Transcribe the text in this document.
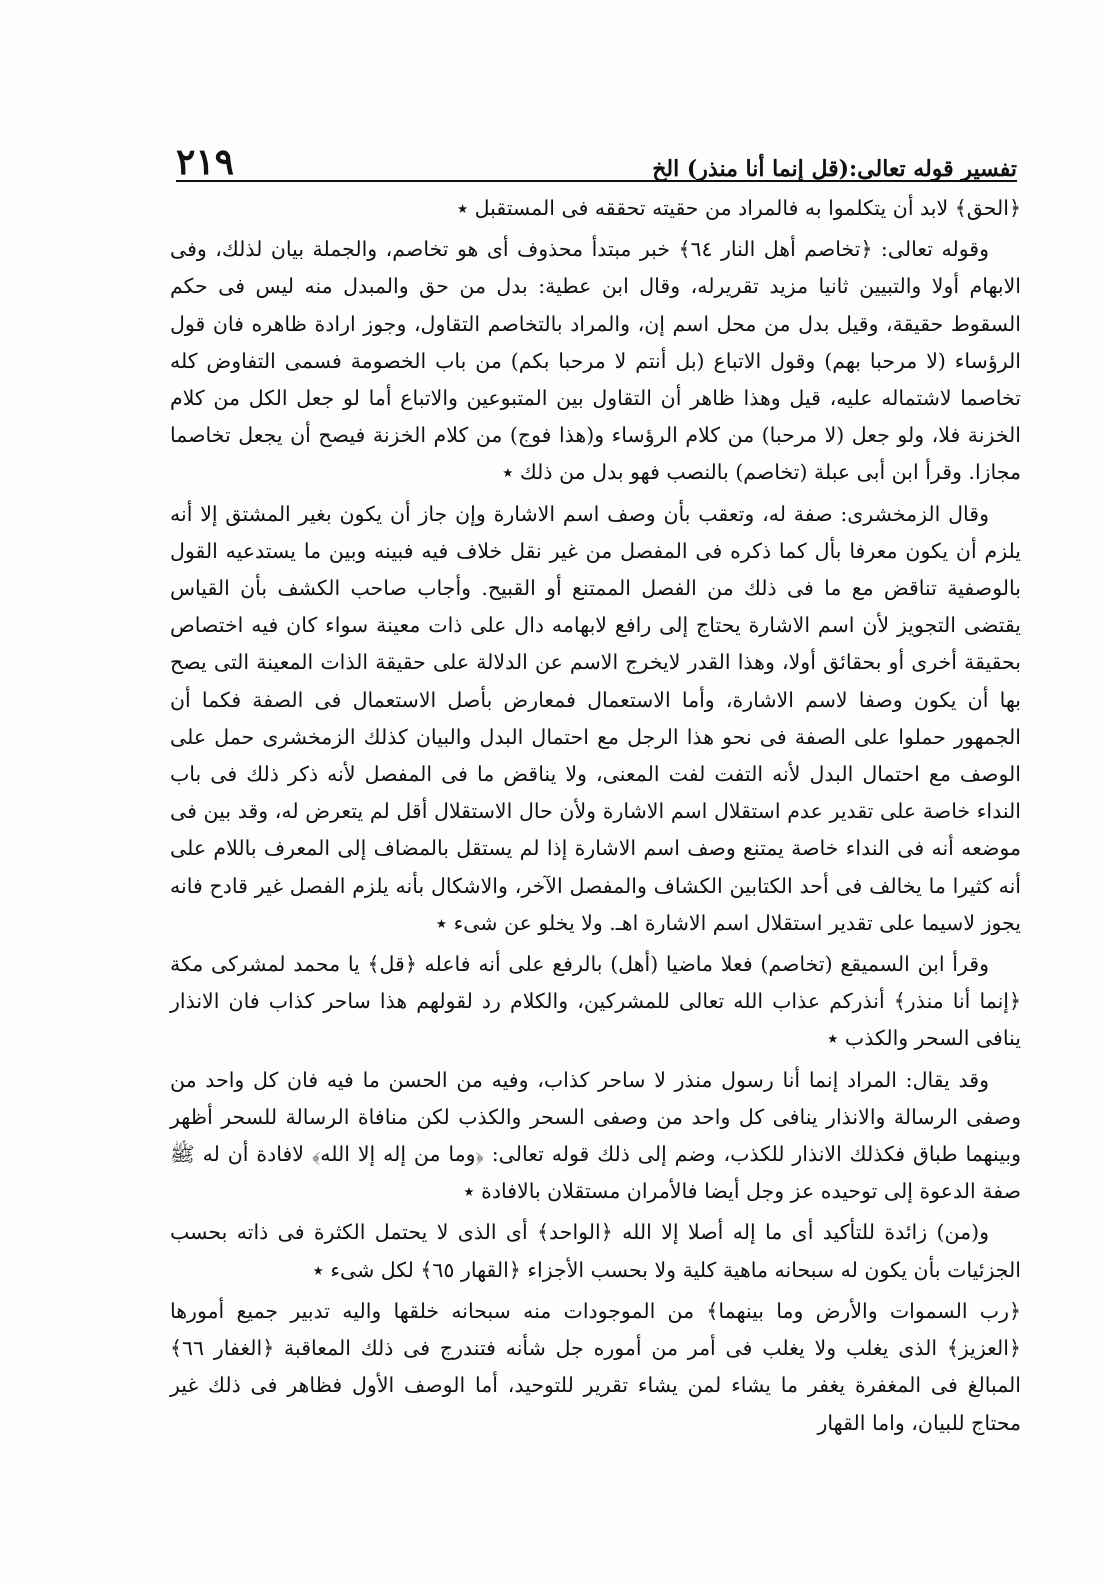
٢١٩	تفسير قوله تعالى:(قل إنما أنا منذر) الخ

﴿الحق﴾ لابد أن يتكلموا به فالمراد من حقيته تحققه فى المستقبل ٭

وقوله تعالى: ﴿تخاصم أهل النار ٦٤﴾ خبر مبتدأ محذوف أى هو تخاصم، والجملة بيان لذلك، وفى الابهام أولا والتبيين ثانيا مزيد تقريرله، وقال ابن عطية: بدل من حق والمبدل منه ليس فى حكم السقوط حقيقة، وقيل بدل من محل اسم إن، والمراد بالتخاصم التقاول، وجوز ارادة ظاهره فان قول الرؤساء (لا مرحبا بهم) وقول الاتباع (بل أنتم لا مرحبا بكم) من باب الخصومة فسمى التفاوض كله تخاصما لاشتماله عليه، قيل وهذا ظاهر أن التقاول بين المتبوعين والاتباع أما لو جعل الكل من كلام الخزنة فلا، ولو جعل (لا مرحبا) من كلام الرؤساء و(هذا فوج) من كلام الخزنة فيصح أن يجعل تخاصما مجازا. وقرأ ابن أبى عبلة (تخاصم) بالنصب فهو بدل من ذلك ٭

وقال الزمخشرى: صفة له، وتعقب بأن وصف اسم الاشارة وإن جاز أن يكون بغير المشتق إلا أنه يلزم أن يكون معرفا بأل كما ذكره فى المفصل من غير نقل خلاف فيه فبينه وبين ما يستدعيه القول بالوصفية تناقض مع ما فى ذلك من الفصل الممتنع أو القبيح. وأجاب صاحب الكشف بأن القياس يقتضى التجويز لأن اسم الاشارة يحتاج إلى رافع لابهامه دال على ذات معينة سواء كان فيه اختصاص بحقيقة أخرى أو بحقائق أولا، وهذا القدر لايخرج الاسم عن الدلالة على حقيقة الذات المعينة التى يصح بها أن يكون وصفا لاسم الاشارة، وأما الاستعمال فمعارض بأصل الاستعمال فى الصفة فكما أن الجمهور حملوا على الصفة فى نحو هذا الرجل مع احتمال البدل والبيان كذلك الزمخشرى حمل على الوصف مع احتمال البدل لأنه التفت لفت المعنى، ولا يناقض ما فى المفصل لأنه ذكر ذلك فى باب النداء خاصة على تقدير عدم استقلال اسم الاشارة ولأن حال الاستقلال أقل لم يتعرض له، وقد بين فى موضعه أنه فى النداء خاصة يمتنع وصف اسم الاشارة إذا لم يستقل بالمضاف إلى المعرف باللام على أنه كثيرا ما يخالف فى أحد الكتابين الكشاف والمفصل الآخر، والاشكال بأنه يلزم الفصل غير قادح فانه يجوز لاسيما على تقدير استقلال اسم الاشارة اهـ. ولا يخلو عن شىء ٭

وقرأ ابن السميقع (تخاصم) فعلا ماضيا (أهل) بالرفع على أنه فاعله ﴿قل﴾ يا محمد لمشركى مكة ﴿إنما أنا منذر﴾ أنذركم عذاب الله تعالى للمشركين، والكلام رد لقولهم هذا ساحر كذاب فان الانذار ينافى السحر والكذب ٭

وقد يقال: المراد إنما أنا رسول منذر لا ساحر كذاب، وفيه من الحسن ما فيه فان كل واحد من وصفى الرسالة والانذار ينافى كل واحد من وصفى السحر والكذب لكن منافاة الرسالة للسحر أظهر وبينهما طباق فكذلك الانذار للكذب، وضم إلى ذلك قوله تعالى: ﴿وما من إله إلا الله﴾ لافادة أن له ﷺ صفة الدعوة إلى توحيده عز وجل أيضا فالأمران مستقلان بالافادة ٭

و(من) زائدة للتأكيد أى ما إله أصلا إلا الله ﴿الواحد﴾ أى الذى لا يحتمل الكثرة فى ذاته بحسب الجزئيات بأن يكون له سبحانه ماهية كلية ولا بحسب الأجزاء ﴿القهار ٦٥﴾ لكل شىء ٭

﴿رب السموات والأرض وما بينهما﴾ من الموجودات منه سبحانه خلقها واليه تدبير جميع أمورها ﴿العزيز﴾ الذى يغلب ولا يغلب فى أمر من أموره جل شأنه فتندرج فى ذلك المعاقبة ﴿الغفار ٦٦﴾ المبالغ فى المغفرة يغفر ما يشاء لمن يشاء تقرير للتوحيد، أما الوصف الأول فظاهر فى ذلك غير محتاج للبيان، واما القهار
